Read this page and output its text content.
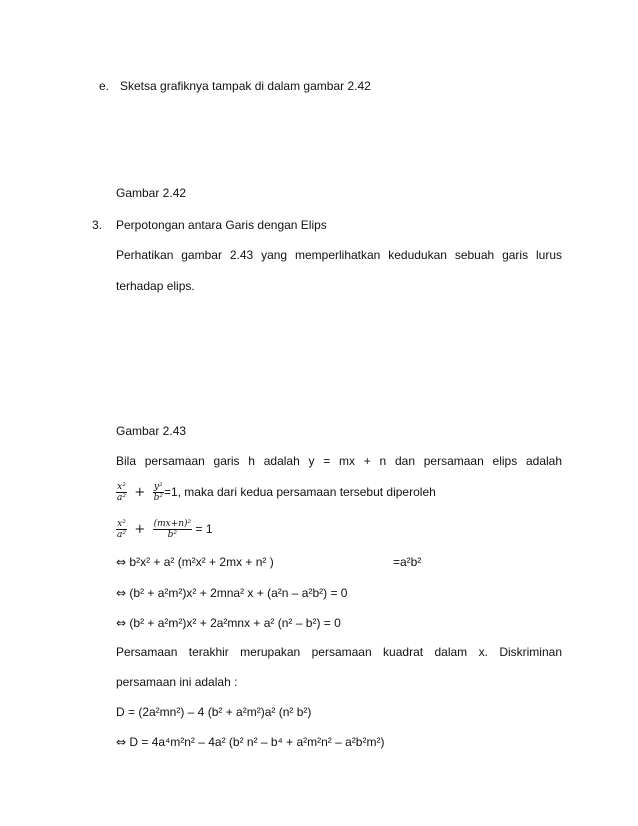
e. Sketsa grafiknya tampak di dalam gambar 2.42
Gambar 2.42
3. Perpotongan antara Garis dengan Elips
Perhatikan gambar 2.43 yang memperlihatkan kedudukan sebuah garis lurus
terhadap elips.
Gambar 2.43
Bila persamaan garis h adalah y = mx + n dan persamaan elips adalah
$\frac{\text{x²}}{\text{a²}} + \frac{\text{y²}}{\text{b²}} =1$, maka dari kedua persamaan tersebut diperoleh
$\frac{\text{x²}}{\text{a²}} + \frac{\text{(mx+n)²}}{\text{b²}} = 1$
⇔ b²x² + a² (m²x² + 2mx + n² )	=a²b²
⇔ (b² + a²m²)x² + 2mna² x + (a²n – a²b²) = 0
⇔ (b² + a²m²)x² + 2a²mnx + a² (n² – b²) = 0
Persamaan terakhir merupakan persamaan kuadrat dalam x. Diskriminan
persamaan ini adalah :
D = (2a²mn²) – 4 (b² + a²m²)a² (n² b²)
⇔ D = 4a⁴m²n² – 4a² (b² n² – b⁴ + a²m²n² – a²b²m²)
